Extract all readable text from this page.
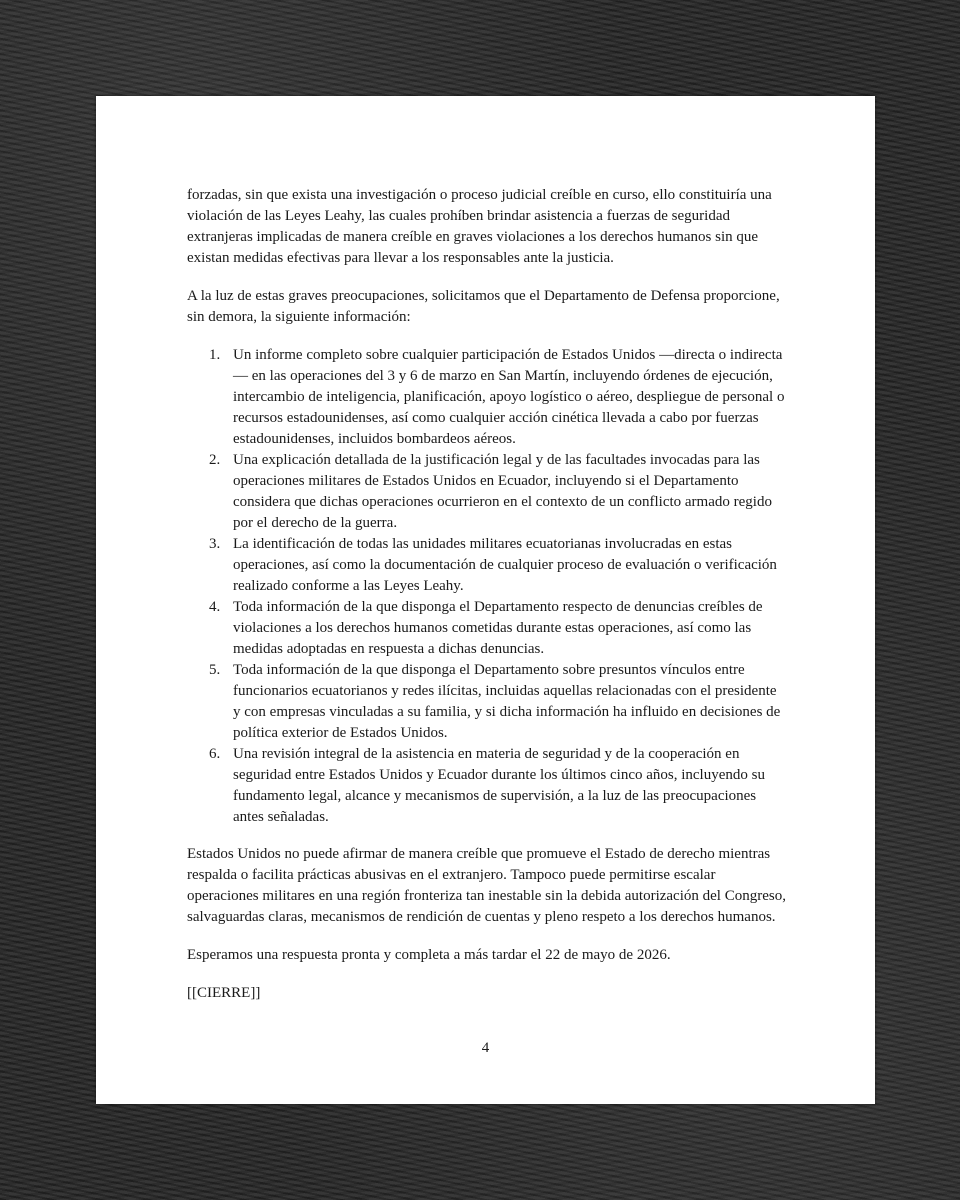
forzadas, sin que exista una investigación o proceso judicial creíble en curso, ello constituiría una violación de las Leyes Leahy, las cuales prohíben brindar asistencia a fuerzas de seguridad extranjeras implicadas de manera creíble en graves violaciones a los derechos humanos sin que existan medidas efectivas para llevar a los responsables ante la justicia.

A la luz de estas graves preocupaciones, solicitamos que el Departamento de Defensa proporcione, sin demora, la siguiente información:

1. Un informe completo sobre cualquier participación de Estados Unidos —directa o indirecta— en las operaciones del 3 y 6 de marzo en San Martín, incluyendo órdenes de ejecución, intercambio de inteligencia, planificación, apoyo logístico o aéreo, despliegue de personal o recursos estadounidenses, así como cualquier acción cinética llevada a cabo por fuerzas estadounidenses, incluidos bombardeos aéreos.
2. Una explicación detallada de la justificación legal y de las facultades invocadas para las operaciones militares de Estados Unidos en Ecuador, incluyendo si el Departamento considera que dichas operaciones ocurrieron en el contexto de un conflicto armado regido por el derecho de la guerra.
3. La identificación de todas las unidades militares ecuatorianas involucradas en estas operaciones, así como la documentación de cualquier proceso de evaluación o verificación realizado conforme a las Leyes Leahy.
4. Toda información de la que disponga el Departamento respecto de denuncias creíbles de violaciones a los derechos humanos cometidas durante estas operaciones, así como las medidas adoptadas en respuesta a dichas denuncias.
5. Toda información de la que disponga el Departamento sobre presuntos vínculos entre funcionarios ecuatorianos y redes ilícitas, incluidas aquellas relacionadas con el presidente y con empresas vinculadas a su familia, y si dicha información ha influido en decisiones de política exterior de Estados Unidos.
6. Una revisión integral de la asistencia en materia de seguridad y de la cooperación en seguridad entre Estados Unidos y Ecuador durante los últimos cinco años, incluyendo su fundamento legal, alcance y mecanismos de supervisión, a la luz de las preocupaciones antes señaladas.

Estados Unidos no puede afirmar de manera creíble que promueve el Estado de derecho mientras respalda o facilita prácticas abusivas en el extranjero. Tampoco puede permitirse escalar operaciones militares en una región fronteriza tan inestable sin la debida autorización del Congreso, salvaguardas claras, mecanismos de rendición de cuentas y pleno respeto a los derechos humanos.

Esperamos una respuesta pronta y completa a más tardar el 22 de mayo de 2026.

[[CIERRE]]

4
